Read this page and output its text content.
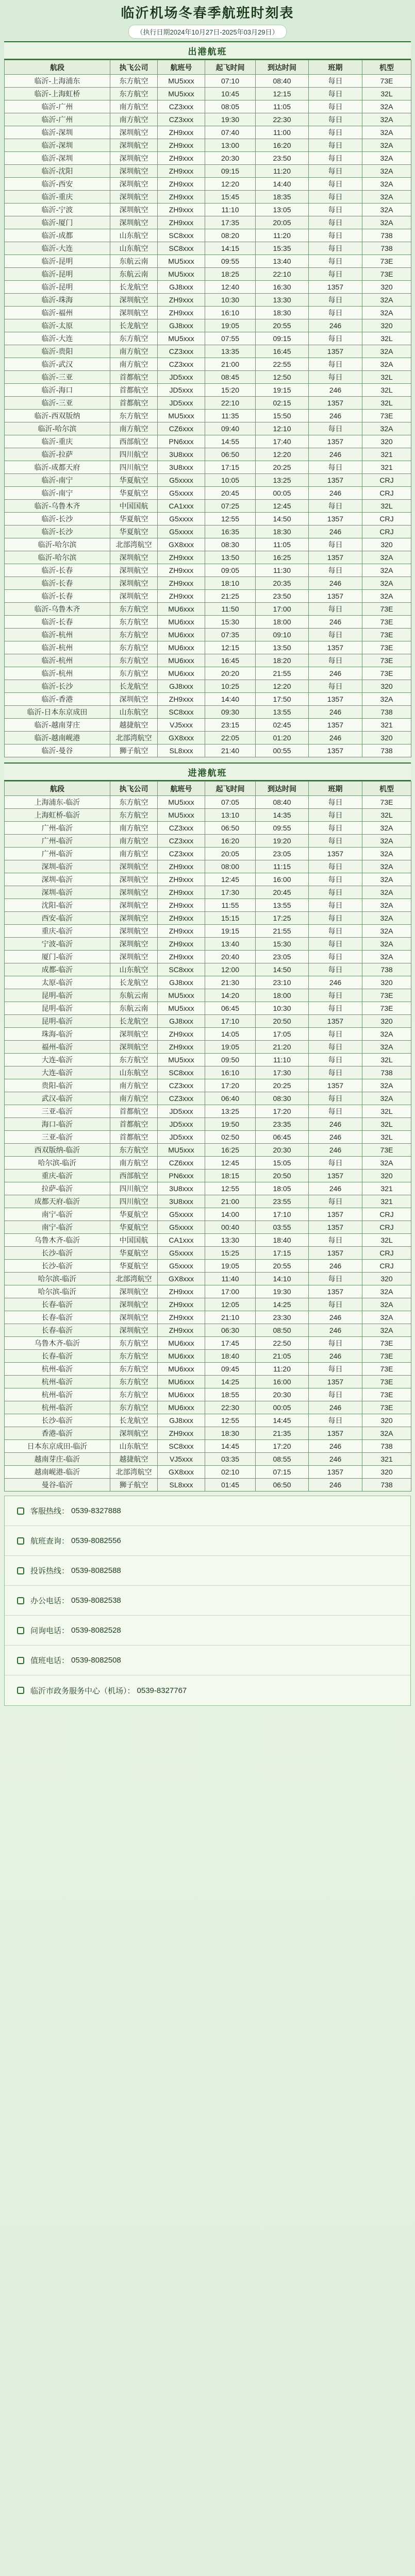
临沂机场冬春季航班时刻表
（执行日期2024年10月27日-2025年03月29日）
出港航班
航段	执飞公司	航班号	起飞时间	到达时间	班期	机型
临沂-上海浦东	东方航空	MU5xxx	07:10	08:40	每日	73E
临沂-上海虹桥	东方航空	MU5xxx	10:45	12:15	每日	32L
临沂-广州	南方航空	CZ3xxx	08:05	11:05	每日	32A
临沂-广州	南方航空	CZ3xxx	19:30	22:30	每日	32A
临沂-深圳	深圳航空	ZH9xxx	07:40	11:00	每日	32A
临沂-深圳	深圳航空	ZH9xxx	13:00	16:20	每日	32A
临沂-深圳	深圳航空	ZH9xxx	20:30	23:50	每日	32A
临沂-沈阳	深圳航空	ZH9xxx	09:15	11:20	每日	32A
临沂-西安	深圳航空	ZH9xxx	12:20	14:40	每日	32A
临沂-重庆	深圳航空	ZH9xxx	15:45	18:35	每日	32A
临沂-宁波	深圳航空	ZH9xxx	11:10	13:05	每日	32A
临沂-厦门	深圳航空	ZH9xxx	17:35	20:05	每日	32A
临沂-成都	山东航空	SC8xxx	08:20	11:20	每日	738
临沂-大连	山东航空	SC8xxx	14:15	15:35	每日	738
临沂-昆明	东航云南	MU5xxx	09:55	13:40	每日	73E
临沂-昆明	东航云南	MU5xxx	18:25	22:10	每日	73E
临沂-昆明	长龙航空	GJ8xxx	12:40	16:30	1357	320
临沂-珠海	深圳航空	ZH9xxx	10:30	13:30	每日	32A
临沂-福州	深圳航空	ZH9xxx	16:10	18:30	每日	32A
临沂-太原	长龙航空	GJ8xxx	19:05	20:55	246	320
临沂-大连	东方航空	MU5xxx	07:55	09:15	每日	32L
临沂-贵阳	南方航空	CZ3xxx	13:35	16:45	1357	32A
临沂-武汉	南方航空	CZ3xxx	21:00	22:55	每日	32A
临沂-三亚	首都航空	JD5xxx	08:45	12:50	每日	32L
临沂-海口	首都航空	JD5xxx	15:20	19:15	246	32L
临沂-三亚	首都航空	JD5xxx	22:10	02:15	1357	32L
临沂-西双版纳	东方航空	MU5xxx	11:35	15:50	246	73E
临沂-哈尔滨	南方航空	CZ6xxx	09:40	12:10	每日	32A
临沂-重庆	西部航空	PN6xxx	14:55	17:40	1357	320
临沂-拉萨	四川航空	3U8xxx	06:50	12:20	246	321
临沂-成都天府	四川航空	3U8xxx	17:15	20:25	每日	321
临沂-南宁	华夏航空	G5xxxx	10:05	13:25	1357	CRJ
临沂-南宁	华夏航空	G5xxxx	20:45	00:05	246	CRJ
临沂-乌鲁木齐	中国国航	CA1xxx	07:25	12:45	每日	32L
临沂-长沙	华夏航空	G5xxxx	12:55	14:50	1357	CRJ
临沂-长沙	华夏航空	G5xxxx	16:35	18:30	246	CRJ
临沂-哈尔滨	北部湾航空	GX8xxx	08:30	11:05	每日	320
临沂-哈尔滨	深圳航空	ZH9xxx	13:50	16:25	1357	32A
临沂-长春	深圳航空	ZH9xxx	09:05	11:30	每日	32A
临沂-长春	深圳航空	ZH9xxx	18:10	20:35	246	32A
临沂-长春	深圳航空	ZH9xxx	21:25	23:50	1357	32A
临沂-乌鲁木齐	东方航空	MU6xxx	11:50	17:00	每日	73E
临沂-长春	东方航空	MU6xxx	15:30	18:00	246	73E
临沂-杭州	东方航空	MU6xxx	07:35	09:10	每日	73E
临沂-杭州	东方航空	MU6xxx	12:15	13:50	1357	73E
临沂-杭州	东方航空	MU6xxx	16:45	18:20	每日	73E
临沂-杭州	东方航空	MU6xxx	20:20	21:55	246	73E
临沂-长沙	长龙航空	GJ8xxx	10:25	12:20	每日	320
临沂-香港	深圳航空	ZH9xxx	14:40	17:50	1357	32A
临沂-日本东京成田	山东航空	SC8xxx	09:30	13:55	246	738
临沂-越南芽庄	越捷航空	VJ5xxx	23:15	02:45	1357	321
临沂-越南岘港	北部湾航空	GX8xxx	22:05	01:20	246	320
临沂-曼谷	狮子航空	SL8xxx	21:40	00:55	1357	738
进港航班
航段	执飞公司	航班号	起飞时间	到达时间	班期	机型
上海浦东-临沂	东方航空	MU5xxx	07:05	08:40	每日	73E
上海虹桥-临沂	东方航空	MU5xxx	13:10	14:35	每日	32L
广州-临沂	南方航空	CZ3xxx	06:50	09:55	每日	32A
广州-临沂	南方航空	CZ3xxx	16:20	19:20	每日	32A
广州-临沂	南方航空	CZ3xxx	20:05	23:05	1357	32A
深圳-临沂	深圳航空	ZH9xxx	08:00	11:15	每日	32A
深圳-临沂	深圳航空	ZH9xxx	12:45	16:00	每日	32A
深圳-临沂	深圳航空	ZH9xxx	17:30	20:45	每日	32A
沈阳-临沂	深圳航空	ZH9xxx	11:55	13:55	每日	32A
西安-临沂	深圳航空	ZH9xxx	15:15	17:25	每日	32A
重庆-临沂	深圳航空	ZH9xxx	19:15	21:55	每日	32A
宁波-临沂	深圳航空	ZH9xxx	13:40	15:30	每日	32A
厦门-临沂	深圳航空	ZH9xxx	20:40	23:05	每日	32A
成都-临沂	山东航空	SC8xxx	12:00	14:50	每日	738
太原-临沂	长龙航空	GJ8xxx	21:30	23:10	246	320
昆明-临沂	东航云南	MU5xxx	14:20	18:00	每日	73E
昆明-临沂	东航云南	MU5xxx	06:45	10:30	每日	73E
昆明-临沂	长龙航空	GJ8xxx	17:10	20:50	1357	320
珠海-临沂	深圳航空	ZH9xxx	14:05	17:05	每日	32A
福州-临沂	深圳航空	ZH9xxx	19:05	21:20	每日	32A
大连-临沂	东方航空	MU5xxx	09:50	11:10	每日	32L
大连-临沂	山东航空	SC8xxx	16:10	17:30	每日	738
贵阳-临沂	南方航空	CZ3xxx	17:20	20:25	1357	32A
武汉-临沂	南方航空	CZ3xxx	06:40	08:30	每日	32A
三亚-临沂	首都航空	JD5xxx	13:25	17:20	每日	32L
海口-临沂	首都航空	JD5xxx	19:50	23:35	246	32L
三亚-临沂	首都航空	JD5xxx	02:50	06:45	246	32L
西双版纳-临沂	东方航空	MU5xxx	16:25	20:30	246	73E
哈尔滨-临沂	南方航空	CZ6xxx	12:45	15:05	每日	32A
重庆-临沂	西部航空	PN6xxx	18:15	20:50	1357	320
拉萨-临沂	四川航空	3U8xxx	12:55	18:05	246	321
成都天府-临沂	四川航空	3U8xxx	21:00	23:55	每日	321
南宁-临沂	华夏航空	G5xxxx	14:00	17:10	1357	CRJ
南宁-临沂	华夏航空	G5xxxx	00:40	03:55	1357	CRJ
乌鲁木齐-临沂	中国国航	CA1xxx	13:30	18:40	每日	32L
长沙-临沂	华夏航空	G5xxxx	15:25	17:15	1357	CRJ
长沙-临沂	华夏航空	G5xxxx	19:05	20:55	246	CRJ
哈尔滨-临沂	北部湾航空	GX8xxx	11:40	14:10	每日	320
哈尔滨-临沂	深圳航空	ZH9xxx	17:00	19:30	1357	32A
长春-临沂	深圳航空	ZH9xxx	12:05	14:25	每日	32A
长春-临沂	深圳航空	ZH9xxx	21:10	23:30	246	32A
长春-临沂	深圳航空	ZH9xxx	06:30	08:50	246	32A
乌鲁木齐-临沂	东方航空	MU6xxx	17:45	22:50	每日	73E
长春-临沂	东方航空	MU6xxx	18:40	21:05	246	73E
杭州-临沂	东方航空	MU6xxx	09:45	11:20	每日	73E
杭州-临沂	东方航空	MU6xxx	14:25	16:00	1357	73E
杭州-临沂	东方航空	MU6xxx	18:55	20:30	每日	73E
杭州-临沂	东方航空	MU6xxx	22:30	00:05	246	73E
长沙-临沂	长龙航空	GJ8xxx	12:55	14:45	每日	320
香港-临沂	深圳航空	ZH9xxx	18:30	21:35	1357	32A
日本东京成田-临沂	山东航空	SC8xxx	14:45	17:20	246	738
越南芽庄-临沂	越捷航空	VJ5xxx	03:35	08:55	246	321
越南岘港-临沂	北部湾航空	GX8xxx	02:10	07:15	1357	320
曼谷-临沂	狮子航空	SL8xxx	01:45	06:50	246	738
客服热线： 0539-8327888
航班查询： 0539-8082556
投诉热线： 0539-8082588
办公电话： 0539-8082538
问询电话： 0539-8082528
值班电话： 0539-8082508
临沂市政务服务中心（机场）： 0539-8327767
